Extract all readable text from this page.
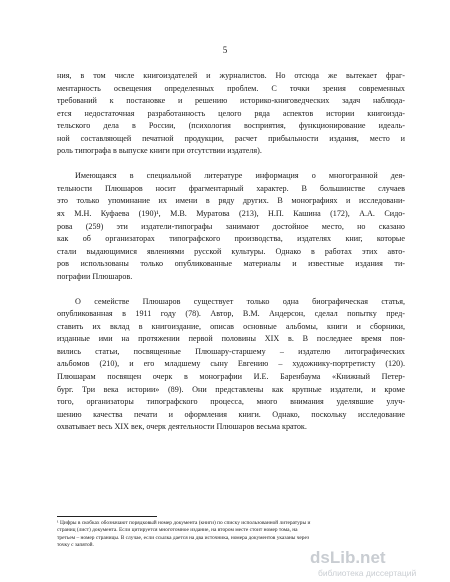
5
ния, в том числе книгоиздателей и журналистов. Но отсюда же вытекает фраг-
ментарность освещения определенных проблем. С точки зрения современных
требований к постановке и решению историко-книговедческих задач наблюда-
ется недостаточная разработанность целого ряда аспектов истории книгоизда-
тельского дела в России, (психология восприятия, функционирование идеаль-
ной составляющей печатной продукции, расчет прибыльности издания, место и
роль типографа в выпуске книги при отсутствии издателя).
Имеющаяся в специальной литературе информация о многогранной дея-
тельности Плюшаров носит фрагментарный характер. В большинстве случаев
это только упоминание их имени в ряду других. В монографиях и исследовани-
ях М.Н. Куфаева (190)¹, М.В. Муратова (213), Н.П. Кашина (172), А.А. Сидо-
рова (259) эти издатели-типографы занимают достойное место, но сказано
как об организаторах типографского производства, издателях книг, которые
стали выдающимися явлениями русской культуры. Однако в работах этих авто-
ров использованы только опубликованные материалы и известные издания ти-
пографии Плюшаров.
О семействе Плюшаров существует только одна биографическая статья,
опубликованная в 1911 году (78). Автор, В.М. Андерсон, сделал попытку пред-
ставить их вклад в книгоиздание, описав основные альбомы, книги и сборники,
изданные ими на протяжении первой половины XIX в. В последнее время поя-
вились статьи, посвященные Плюшару-старшему – издателю литографических
альбомов (210), и его младшему сыну Евгению – художнику-портретисту (120).
Плюшарам посвящен очерк в монографии И.Е. Баренбаума «Книжный Петер-
бург. Три века истории» (89). Они представлены как крупные издатели, и кроме
того, организаторы типографского процесса, много внимания уделявшие улуч-
шению качества печати и оформления книги. Однако, поскольку исследование
охватывает весь XIX век, очерк деятельности Плюшаров весьма краток.
¹ Цифры в скобках обозначают порядковый номер документа (книги) по списку использованной литературы и
страниц (лист) документа. Если цитируется многотомное издание, на втором месте стоит номер тома, на
третьем – номер страницы. В случае, если ссылка дается на два источника, номера документов указаны через
точку с запятой.
dsLib.net
библиотека диссертаций
